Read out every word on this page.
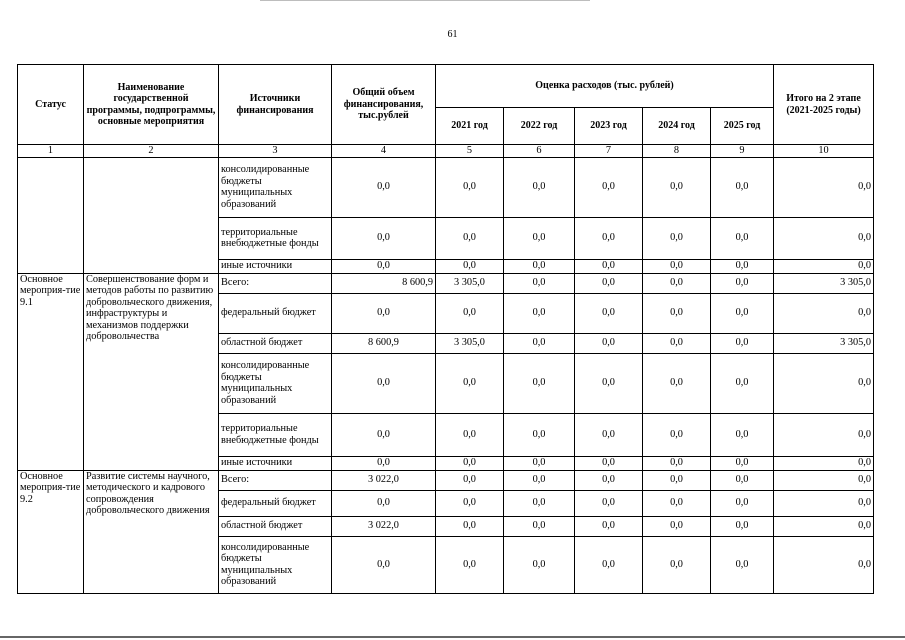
61
Статус	Наименование государственной программы, подпрограммы, основные мероприятия	Источники финансирования	Общий объем финансирования, тыс.рублей	Оценка расходов (тыс. рублей)					Итого на 2 этапе (2021-2025 годы)
				2021 год	2022 год	2023 год	2024 год	2025 год	
1	2	3	4	5	6	7	8	9	10
		консолидированные бюджеты муниципальных образований	0,0	0,0	0,0	0,0	0,0	0,0	0,0
		территориальные внебюджетные фонды	0,0	0,0	0,0	0,0	0,0	0,0	0,0
		иные источники	0,0	0,0	0,0	0,0	0,0	0,0	0,0
Основное мероприя-тие 9.1	Совершенствование форм и методов работы по развитию добровольческого движения, инфраструктуры и механизмов поддержки добровольчества	Всего:	8 600,9	3 305,0	0,0	0,0	0,0	0,0	3 305,0
		федеральный бюджет	0,0	0,0	0,0	0,0	0,0	0,0	0,0
		областной бюджет	8 600,9	3 305,0	0,0	0,0	0,0	0,0	3 305,0
		консолидированные бюджеты муниципальных образований	0,0	0,0	0,0	0,0	0,0	0,0	0,0
		территориальные внебюджетные фонды	0,0	0,0	0,0	0,0	0,0	0,0	0,0
		иные источники	0,0	0,0	0,0	0,0	0,0	0,0	0,0
Основное мероприя-тие 9.2	Развитие системы научного, методического и кадрового сопровождения добровольческого движения	Всего:	3 022,0	0,0	0,0	0,0	0,0	0,0	0,0
		федеральный бюджет	0,0	0,0	0,0	0,0	0,0	0,0	0,0
		областной бюджет	3 022,0	0,0	0,0	0,0	0,0	0,0	0,0
		консолидированные бюджеты муниципальных образований	0,0	0,0	0,0	0,0	0,0	0,0	0,0
